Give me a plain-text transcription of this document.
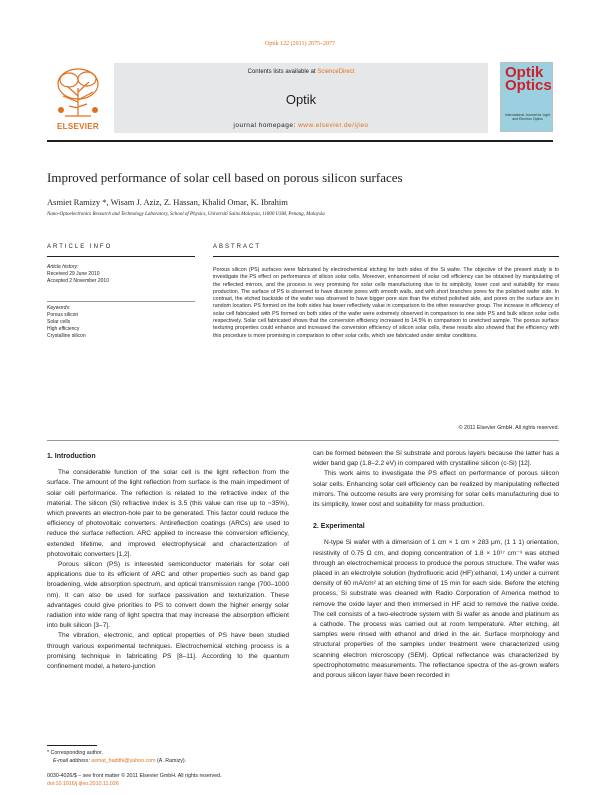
Optik 122 (2011) 2075–2077
ELSEVIER
Contents lists available at ScienceDirect
Optik
journal homepage: www.elsevier.de/ijleo
Optik
Optics
International Journal for Light and Electron Optics
Improved performance of solar cell based on porous silicon surfaces
Asmiet Ramizy *, Wisam J. Aziz, Z. Hassan, Khalid Omar, K. Ibrahim
Nano-Optoelectronics Research and Technology Laboratory, School of Physics, Universiti Sains Malaysia, 11800 USM, Penang, Malaysia
ARTICLE INFO
Article history:
Received 29 June 2010
Accepted 2 November 2010
Keywords:
Porous silicon
Solar cells
High efficiency
Crystalline silicon
ABSTRACT
Porous silicon (PS) surfaces were fabricated by electrochemical etching for both sides of the Si wafer. The objective of the present study is to investigate the PS effect on performance of silicon solar cells. Moreover, enhancement of solar cell efficiency can be obtained by manipulating of the reflected mirrors, and the process is very promising for solar cells manufacturing due to its simplicity, lower cost and suitability for mass production. The surface of PS is observed to have discrete pores with smooth walls, and with short branches pores for the polished wafer side. In contrast, the etched backside of the wafer was observed to have bigger pore size than the etched polished side, and pores on the surface are in random location. PS formed on the both sides has lower reflectivity value in comparison to the other researcher group. The increase in efficiency of solar cell fabricated with PS formed on both sides of the wafer were extremely observed in comparison to one side PS and bulk silicon solar cells respectively. Solar cell fabricated shows that the conversion efficiency increased to 14.5% in comparison to unetched sample. The porous surface texturing properties could enhance and increased the conversion efficiency of silicon solar cells, these results also showed that the efficiency with this procedure is more promising in comparison to other solar cells, which are fabricated under similar conditions.
© 2011 Elsevier GmbH. All rights reserved.
1. Introduction

The considerable function of the solar cell is the light reflection from the surface. The amount of the light reflection from surface is the main impediment of solar cell performance. The reflection is related to the refractive index of the material. The silicon (Si) refractive index is 3.5 (this value can rise up to ~35%), which prevents an electron-hole pair to be generated. This factor could reduce the efficiency of photovoltaic converters. Antireflection coatings (ARCs) are used to reduce the surface reflection. ARC applied to increase the conversion efficiency, extended lifetime, and improved electrophysical and characterization of photovoltaic converters [1,2].

Porous silicon (PS) is interested semiconductor materials for solar cell applications due to its efficient of ARC and other properties such as band gap broadening, wide absorption spectrum, and optical transmission range (700–1000 nm). It can also be used for surface passivation and texturization. These advantages could give priorities to PS to convert down the higher energy solar radiation into wide rang of light spectra that may increase the absorption efficient into bulk silicon [3–7].

The vibration, electronic, and optical properties of PS have been studied through various experimental techniques. Electrochemical etching process is a promising technique in fabricating PS [8–11]. According to the quantum confinement model, a hetero-junction

* Corresponding author.
E-mail address: asmat_hadithi@yahoo.com (A. Ramizy).
0030-4026/$ – see front matter © 2011 Elsevier GmbH. All rights reserved.
doi:10.1016/j.ijleo.2010.11.026

can be formed between the Si substrate and porous layers because the latter has a wider band gap (1.8–2.2 eV) in compared with crystalline silicon (c-Si) [12].

This work aims to investigate the PS effect on performance of porous silicon solar cells. Enhancing solar cell efficiency can be realized by manipulating reflected mirrors. The outcome results are very promising for solar cells manufacturing due to its simplicity, lower cost and suitability for mass production.

2. Experimental

N-type Si wafer with a dimension of 1 cm × 1 cm × 283 μm, (1 1 1) orientation, resistivity of 0.75 Ω cm, and doping concentration of 1.8 × 10¹⁷ cm⁻³ was etched through an electrochemical process to produce the porous structure. The wafer was placed in an electrolyte solution (hydrofluoric acid (HF):ethanol, 1:4) under a current density of 60 mA/cm² at an etching time of 15 min for each side. Before the etching process, Si substrate was cleaned with Radio Corporation of America method to remove the oxide layer and then immersed in HF acid to remove the native oxide. The cell consists of a two-electrode system with Si wafer as anode and platinum as a cathode. The process was carried out at room temperature. After etching, all samples were rinsed with ethanol and dried in the air. Surface morphology and structural properties of the samples under treatment were characterized using scanning electron microscopy (SEM). Optical reflectance was characterized by spectrophotometric measurements. The reflectance spectra of the as-grown wafers and porous silicon layer have been recorded in
